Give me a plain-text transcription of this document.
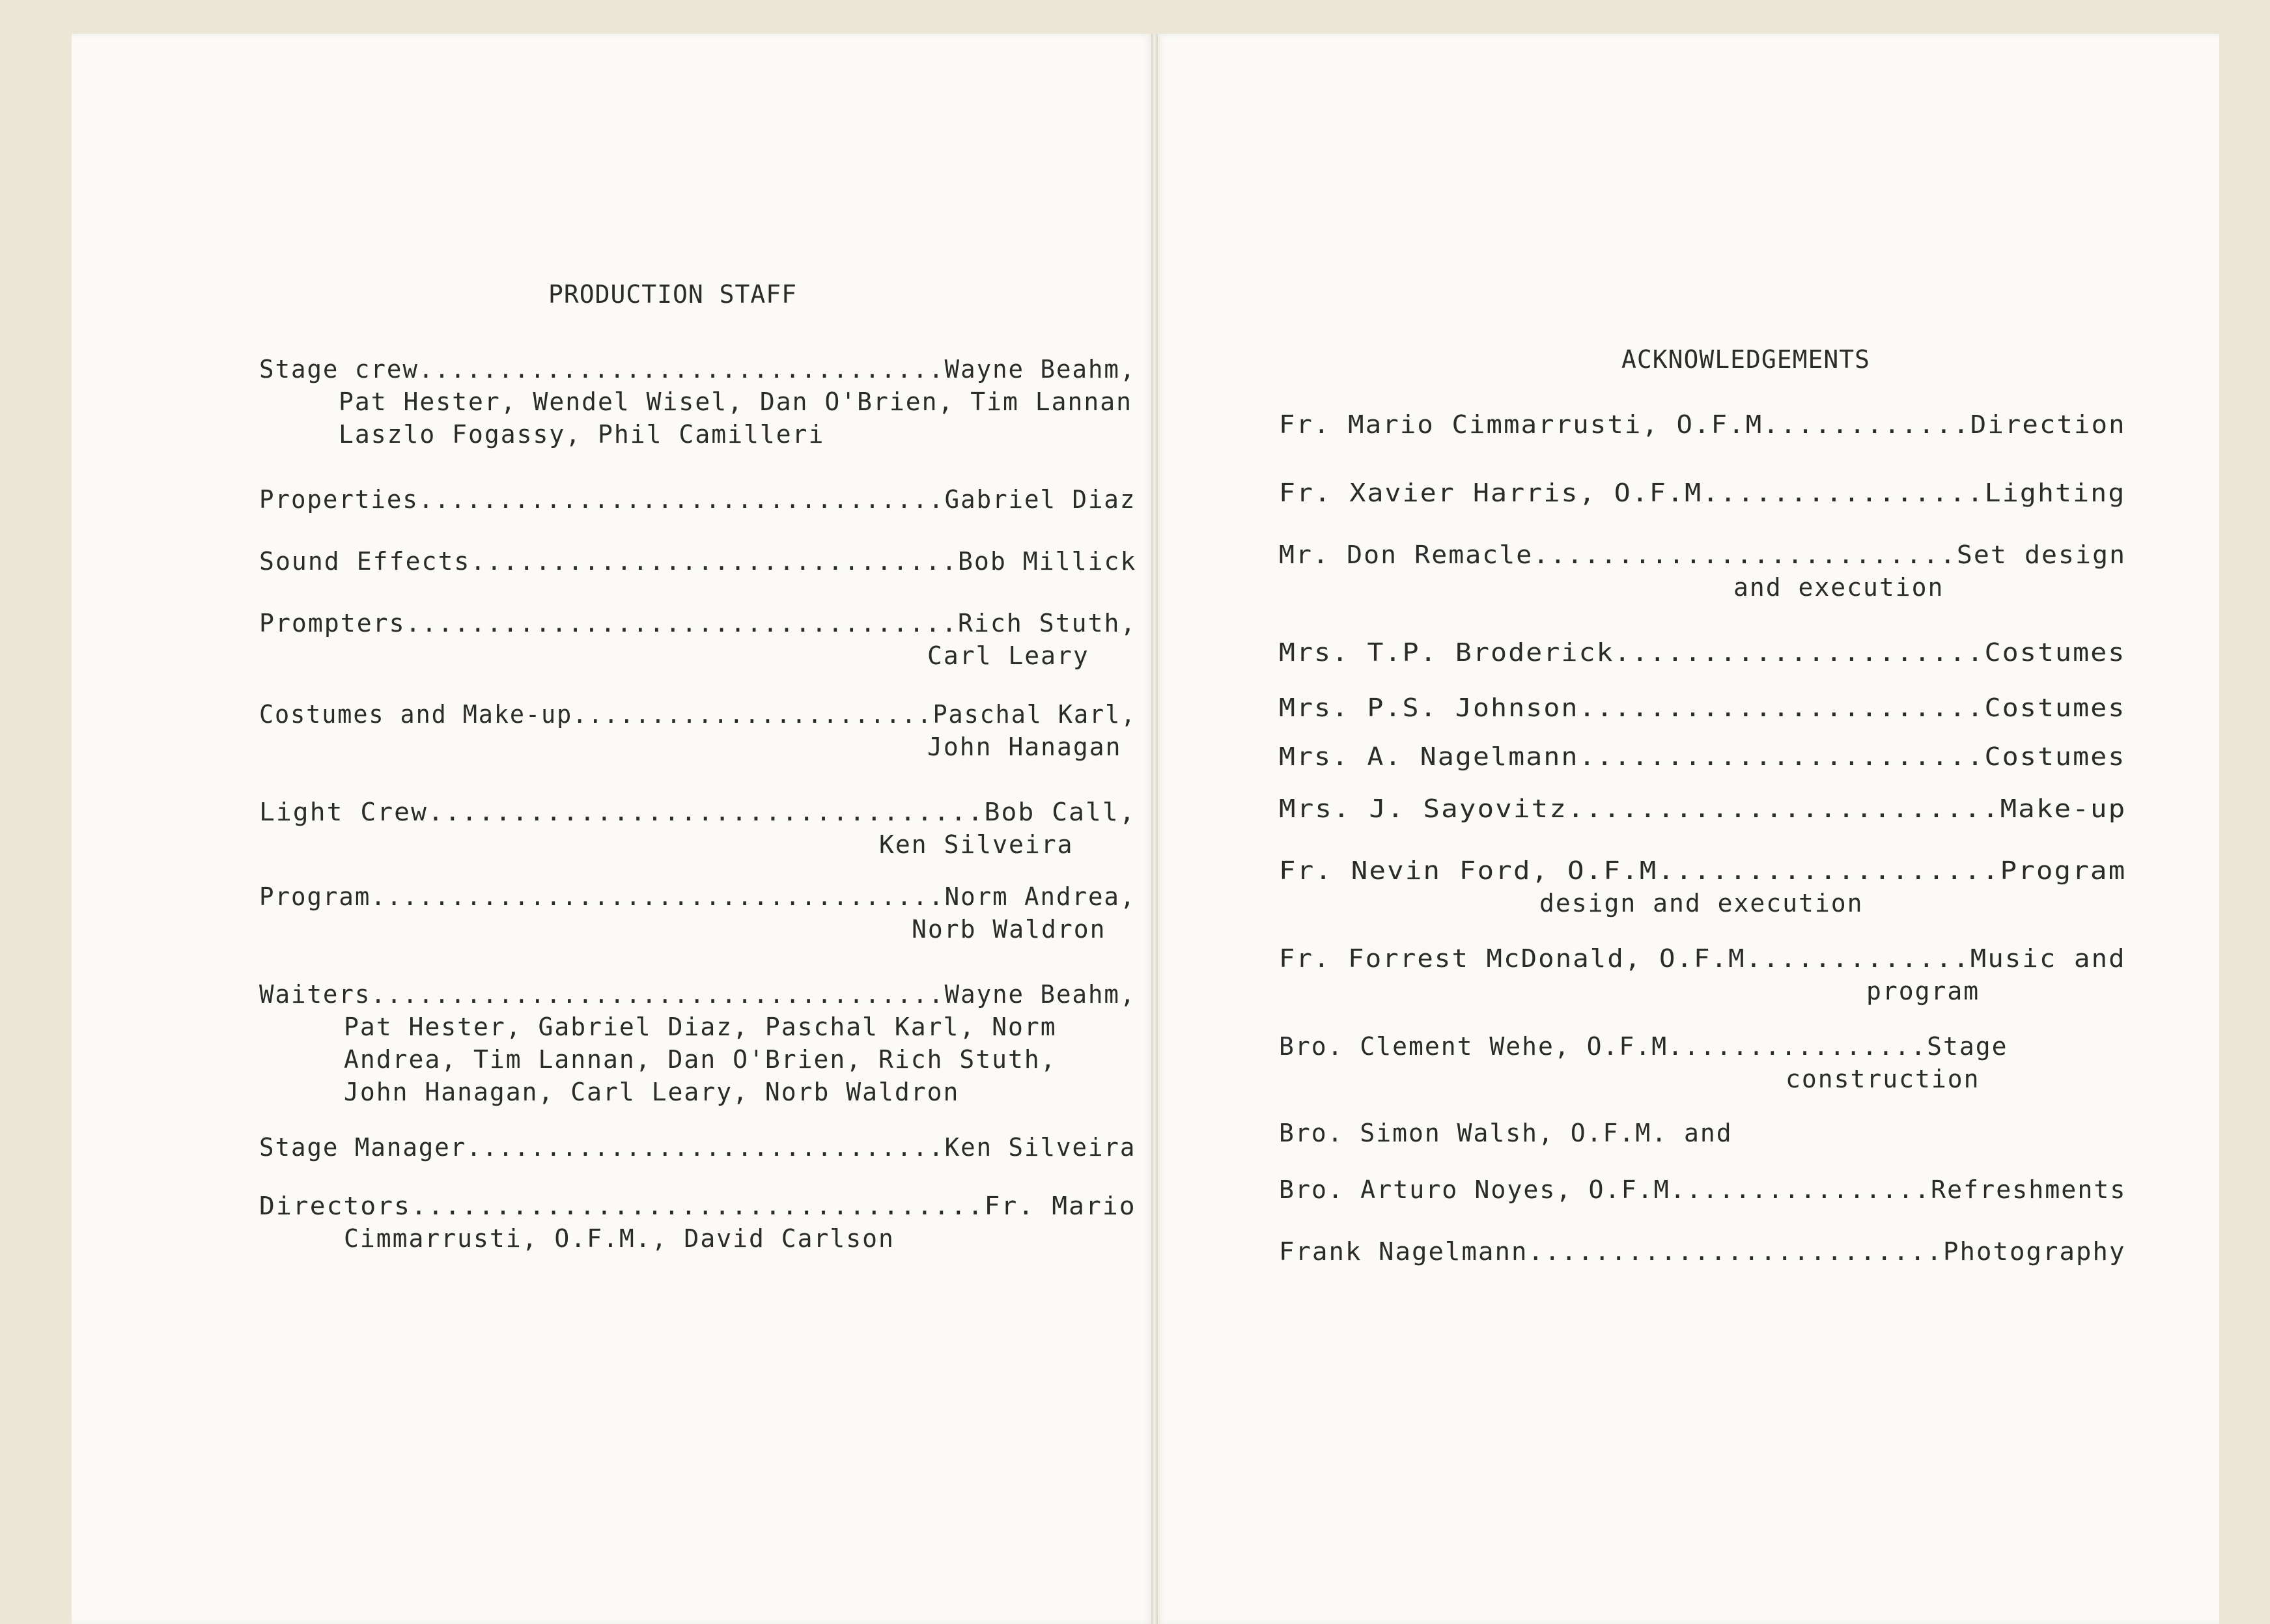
PRODUCTION STAFF
Stage crew.................................Wayne Beahm,
Pat Hester, Wendel Wisel, Dan O'Brien, Tim Lannan
Laszlo Fogassy, Phil Camilleri
Properties.................................Gabriel Diaz
Sound Effects..............................Bob Millick
Prompters..................................Rich Stuth,
Carl Leary
Costumes and Make-up.......................Paschal Karl,
John Hanagan
Light Crew.................................Bob Call,
Ken Silveira
Program....................................Norm Andrea,
Norb Waldron
Waiters....................................Wayne Beahm,
Pat Hester, Gabriel Diaz, Paschal Karl, Norm
Andrea, Tim Lannan, Dan O'Brien, Rich Stuth,
John Hanagan, Carl Leary, Norb Waldron
Stage Manager..............................Ken Silveira
Directors..................................Fr. Mario
Cimmarrusti, O.F.M., David Carlson
ACKNOWLEDGEMENTS
Fr. Mario Cimmarrusti, O.F.M............Direction
Fr. Xavier Harris, O.F.M................Lighting
Mr. Don Remacle.........................Set design
and execution
Mrs. T.P. Broderick.....................Costumes
Mrs. P.S. Johnson.......................Costumes
Mrs. A. Nagelmann.......................Costumes
Mrs. J. Sayovitz........................Make-up
Fr. Nevin Ford, O.F.M...................Program
design and execution
Fr. Forrest McDonald, O.F.M.............Music and
program
Bro. Clement Wehe, O.F.M................Stage
construction
Bro. Simon Walsh, O.F.M. and
Bro. Arturo Noyes, O.F.M................Refreshments
Frank Nagelmann.........................Photography
